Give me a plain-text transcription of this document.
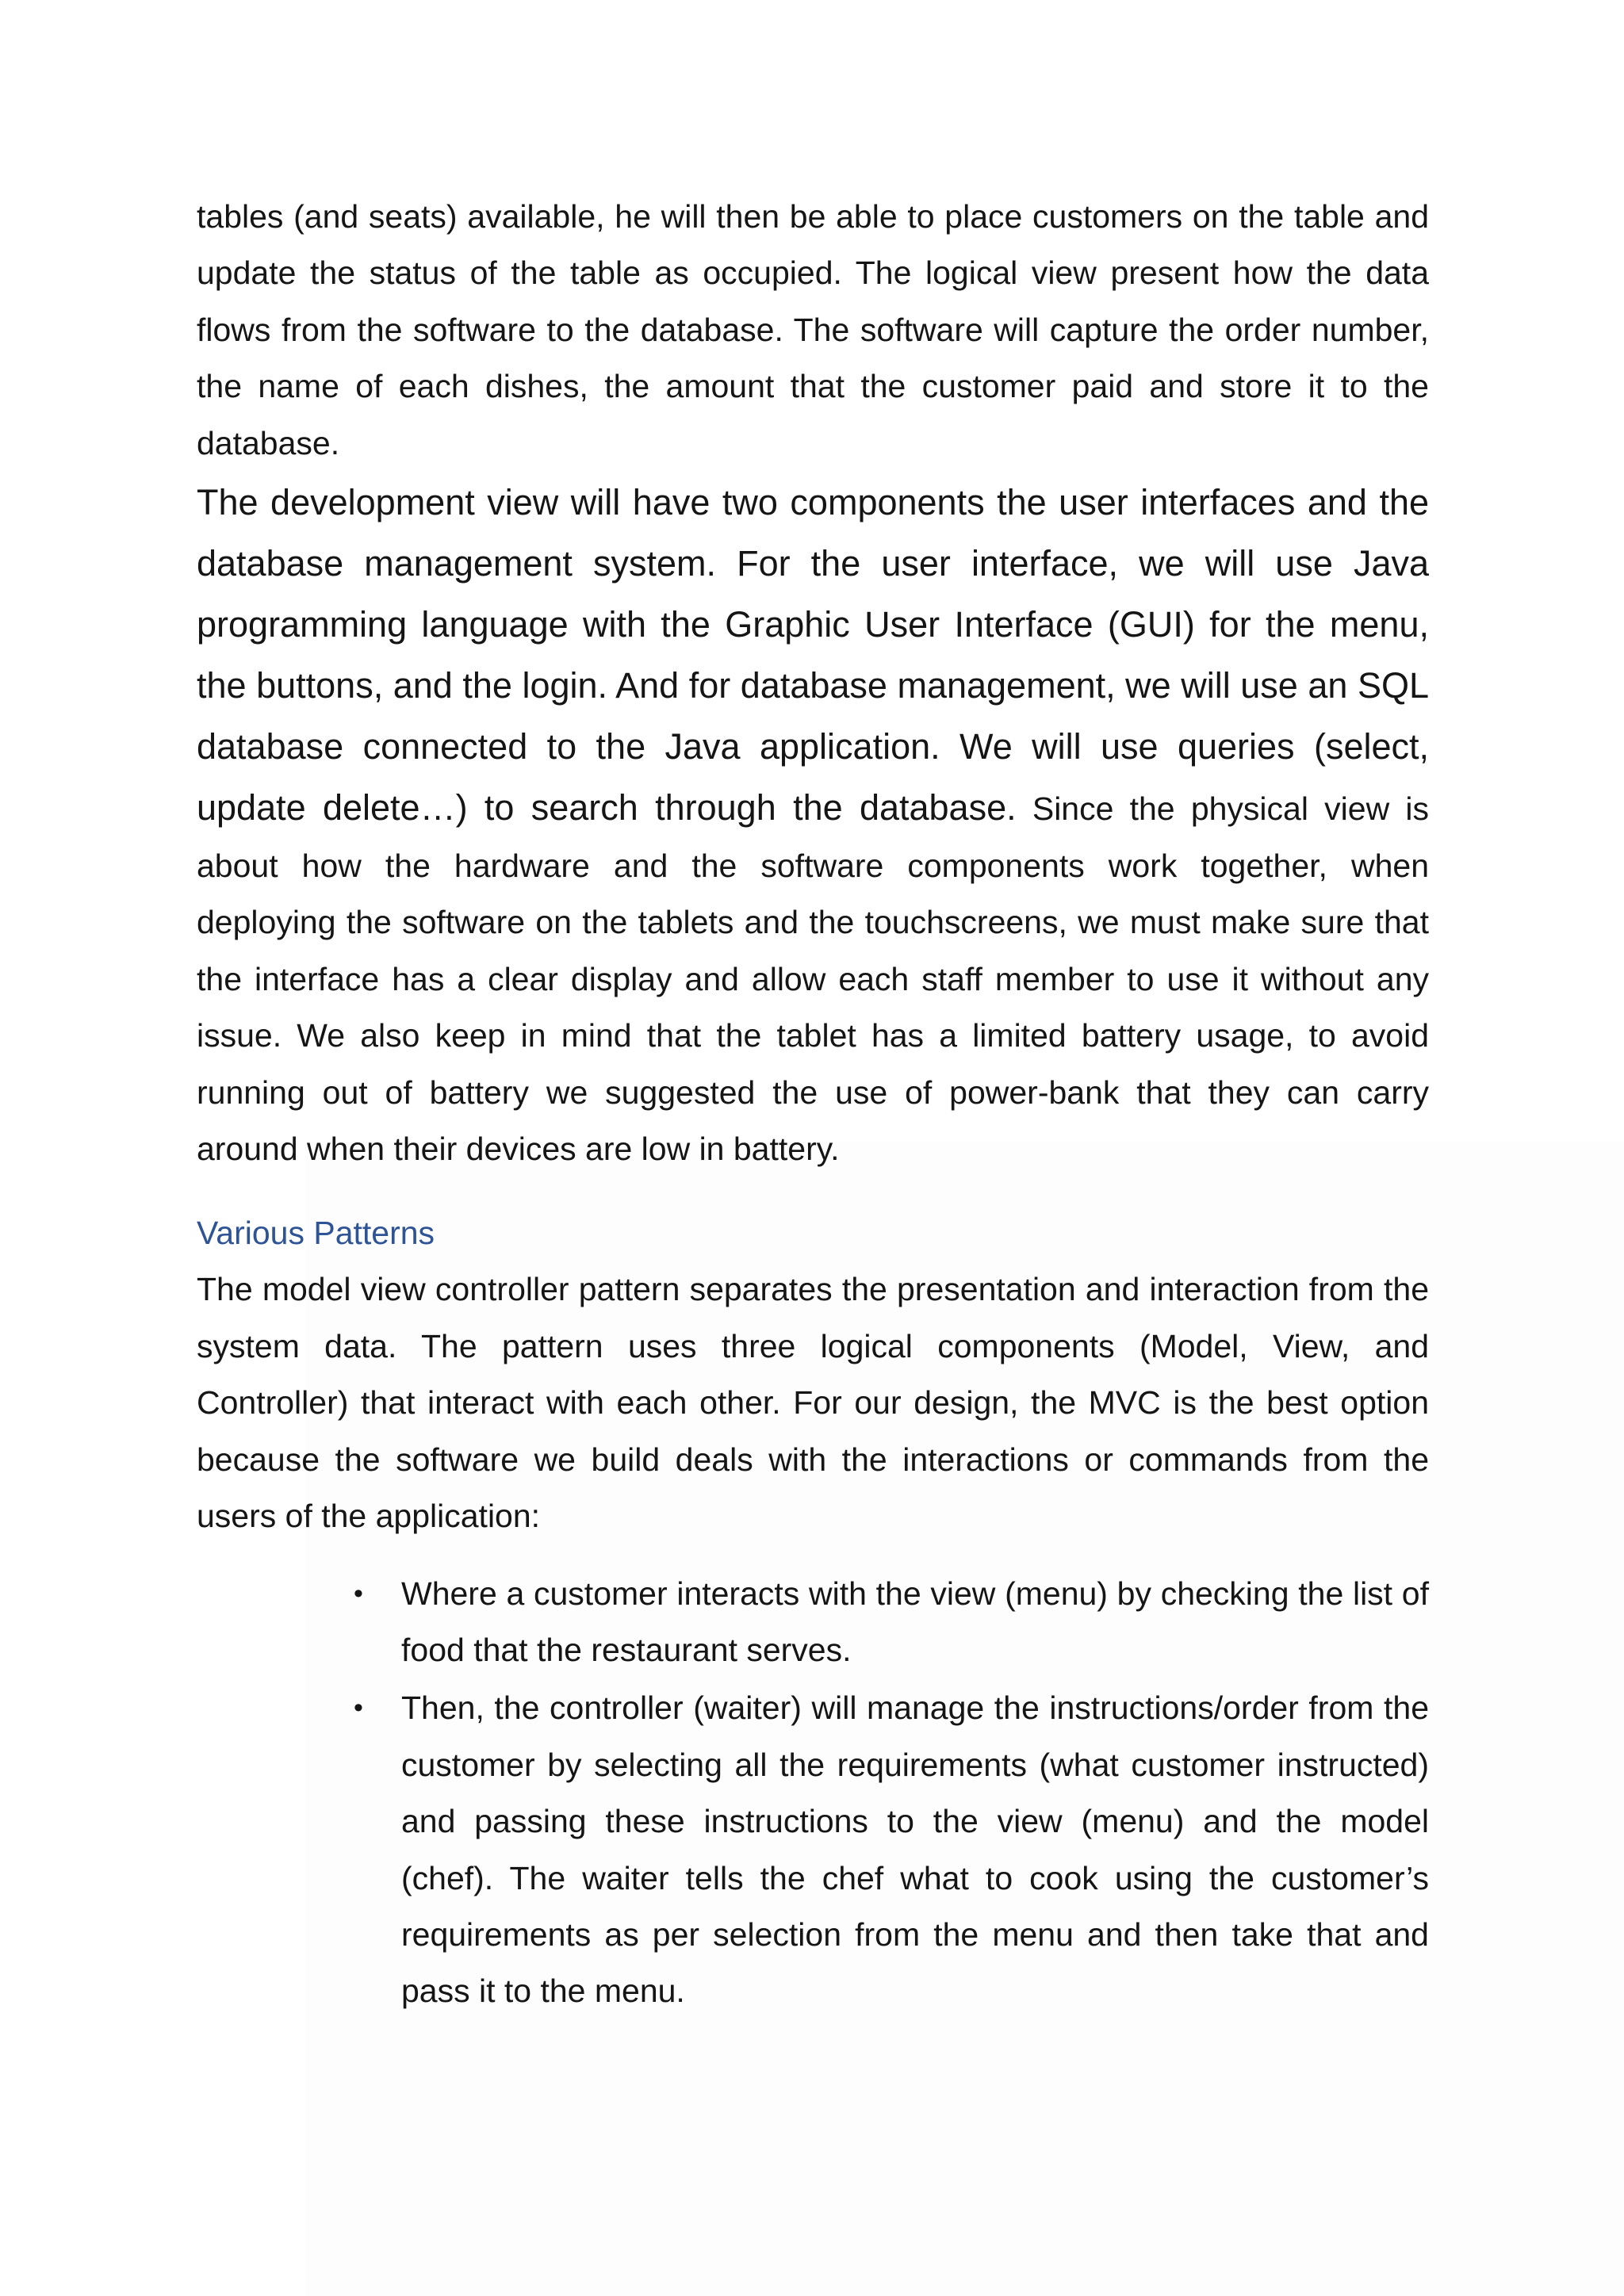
tables (and seats) available, he will then be able to place customers on the table and update the status of the table as occupied. The logical view present how the data flows from the software to the database. The software will capture the order number, the name of each dishes, the amount that the customer paid and store it to the database.
The development view will have two components the user interfaces and the database management system. For the user interface, we will use Java programming language with the Graphic User Interface (GUI) for the menu, the buttons, and the login. And for database management, we will use an SQL database connected to the Java application. We will use queries (select, update delete…) to search through the database. Since the physical view is about how the hardware and the software components work together, when deploying the software on the tablets and the touchscreens, we must make sure that the interface has a clear display and allow each staff member to use it without any issue. We also keep in mind that the tablet has a limited battery usage, to avoid running out of battery we suggested the use of power-bank that they can carry around when their devices are low in battery.

Various Patterns

The model view controller pattern separates the presentation and interaction from the system data. The pattern uses three logical components (Model, View, and Controller) that interact with each other. For our design, the MVC is the best option because the software we build deals with the interactions or commands from the users of the application:

• Where a customer interacts with the view (menu) by checking the list of food that the restaurant serves.
• Then, the controller (waiter) will manage the instructions/order from the customer by selecting all the requirements (what customer instructed) and passing these instructions to the view (menu) and the model (chef). The waiter tells the chef what to cook using the customer’s requirements as per selection from the menu and then take that and pass it to the menu.
